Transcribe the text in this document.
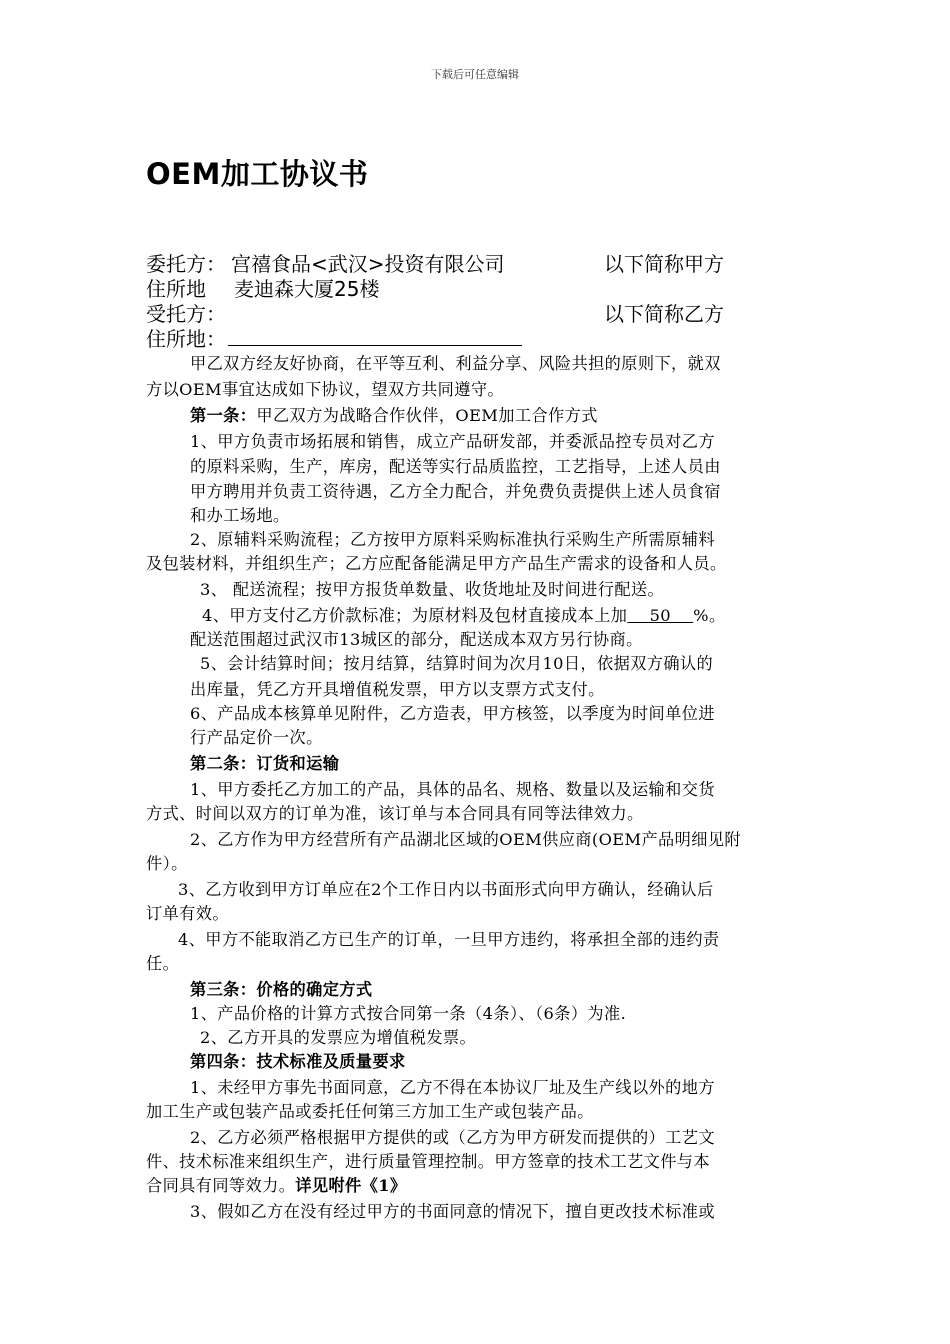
下载后可任意编辑
OEM加工协议书
委托方： 宫禧食品<武汉>投资有限公司	以下简称甲方
住所地 麦迪森大厦25楼
受托方：	以下简称乙方
住所地：
甲乙双方经友好协商，在平等互利、利益分享、风险共担的原则下，就双
方以OEM事宜达成如下协议，望双方共同遵守。
第一条：甲乙双方为战略合作伙伴，OEM加工合作方式
1、甲方负责市场拓展和销售，成立产品研发部，并委派品控专员对乙方
的原料采购，生产，库房，配送等实行品质监控，工艺指导，上述人员由
甲方聘用并负责工资待遇，乙方全力配合，并免费负责提供上述人员食宿
和办工场地。
2、原辅料采购流程；乙方按甲方原料采购标准执行采购生产所需原辅料
及包装材料，并组织生产；乙方应配备能满足甲方产品生产需求的设备和人员。
3、 配送流程；按甲方报货单数量、收货地址及时间进行配送。
4、甲方支付乙方价款标准；为原材料及包材直接成本上加    50    %。
配送范围超过武汉市13城区的部分，配送成本双方另行协商。
5、会计结算时间；按月结算，结算时间为次月10日，依据双方确认的
出库量，凭乙方开具增值税发票，甲方以支票方式支付。
6、产品成本核算单见附件，乙方造表，甲方核签，以季度为时间单位进
行产品定价一次。
第二条：订货和运输
1、甲方委托乙方加工的产品，具体的品名、规格、数量以及运输和交货
方式、时间以双方的订单为准，该订单与本合同具有同等法律效力。
2、乙方作为甲方经营所有产品湖北区域的OEM供应商(OEM产品明细见附
件）。
3、乙方收到甲方订单应在2个工作日内以书面形式向甲方确认，经确认后
订单有效。
4、甲方不能取消乙方已生产的订单，一旦甲方违约，将承担全部的违约责
任。
第三条：价格的确定方式
1、产品价格的计算方式按合同第一条（4条）、（6条）为准.
2、乙方开具的发票应为增值税发票。
第四条：技术标准及质量要求
1、未经甲方事先书面同意，乙方不得在本协议厂址及生产线以外的地方
加工生产或包装产品或委托任何第三方加工生产或包装产品。
2、乙方必须严格根据甲方提供的或（乙方为甲方研发而提供的）工艺文
件、技术标准来组织生产，进行质量管理控制。甲方签章的技术工艺文件与本
合同具有同等效力。详见咐件《1》
3、假如乙方在没有经过甲方的书面同意的情况下，擅自更改技术标准或
